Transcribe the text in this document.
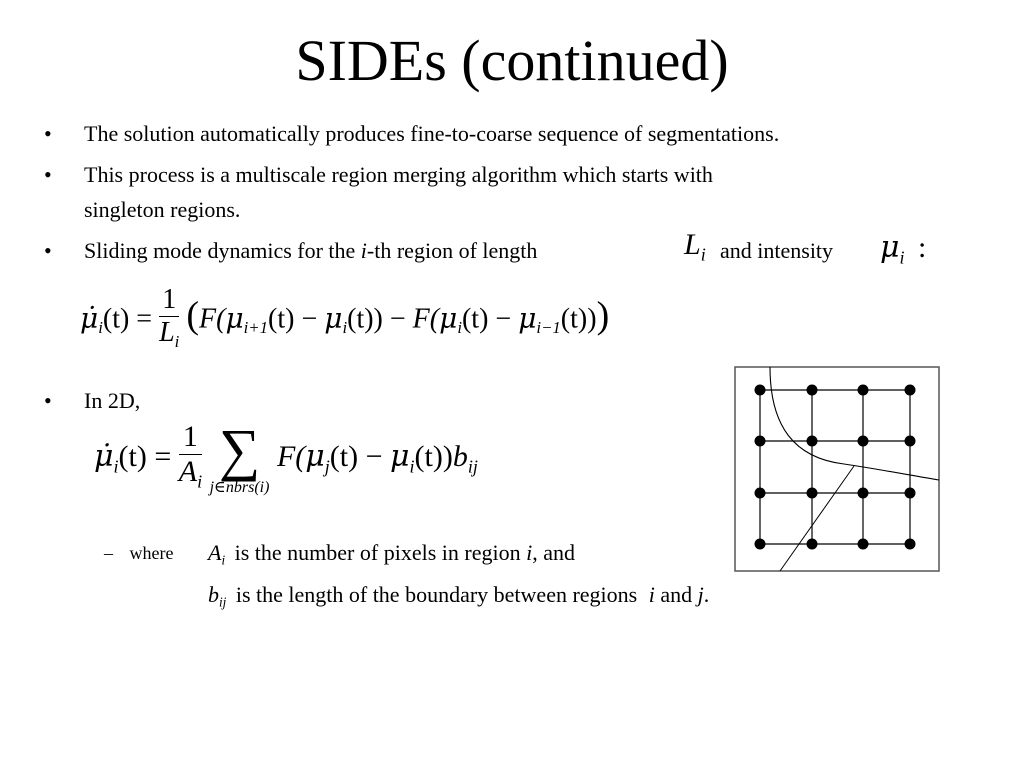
SIDEs (continued)
• The solution automatically produces fine-to-coarse sequence of segmentations.
• This process is a multiscale region merging algorithm which starts with
singleton regions.
• Sliding mode dynamics for the i-th region of length	$L_i$ and intensity $\mu_i$ :
$\mu̇_i(t) = \frac{1}{L_i} (F(\mu_{i+1}(t) - \mu_i(t)) - F(\mu_i(t) - \mu_{i-1}(t)))$
• In 2D,
$\mu̇_i(t) = \frac{1}{A_i}$
∑
j∈nbrs(i)
$F(\mu_j(t) - \mu_i(t))b_{ij}$
– where $A_i$ is the number of pixels in region i, and
$b_{ij}$ is the length of the boundary between regions i and j.
